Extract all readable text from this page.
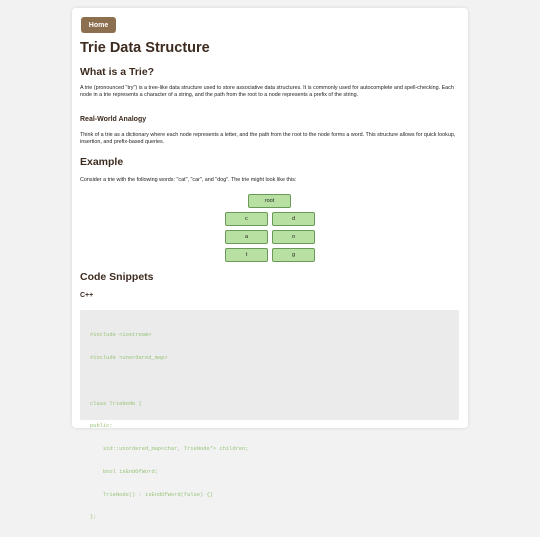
Home
Trie Data Structure
What is a Trie?
A trie (pronounced "try") is a tree-like data structure used to store associative data structures. It is commonly used for autocomplete and spell-checking. Each node in a trie represents a character of a string, and the path from the root to a node represents a prefix of the string.
Real-World Analogy
Think of a trie as a dictionary where each node represents a letter, and the path from the root to the node forms a word. This structure allows for quick lookup, insertion, and prefix-based queries.
Example
Consider a trie with the following words: "cat", "car", and "dog". The trie might look like this:
root
c	d
a	o
t	g
Code Snippets
C++

#include <iostream>

#include <unordered_map>

class TrieNode {

public:

std::unordered_map<char, TrieNode*> children;

bool isEndOfWord;

TrieNode() : isEndOfWord(false) {}

};
